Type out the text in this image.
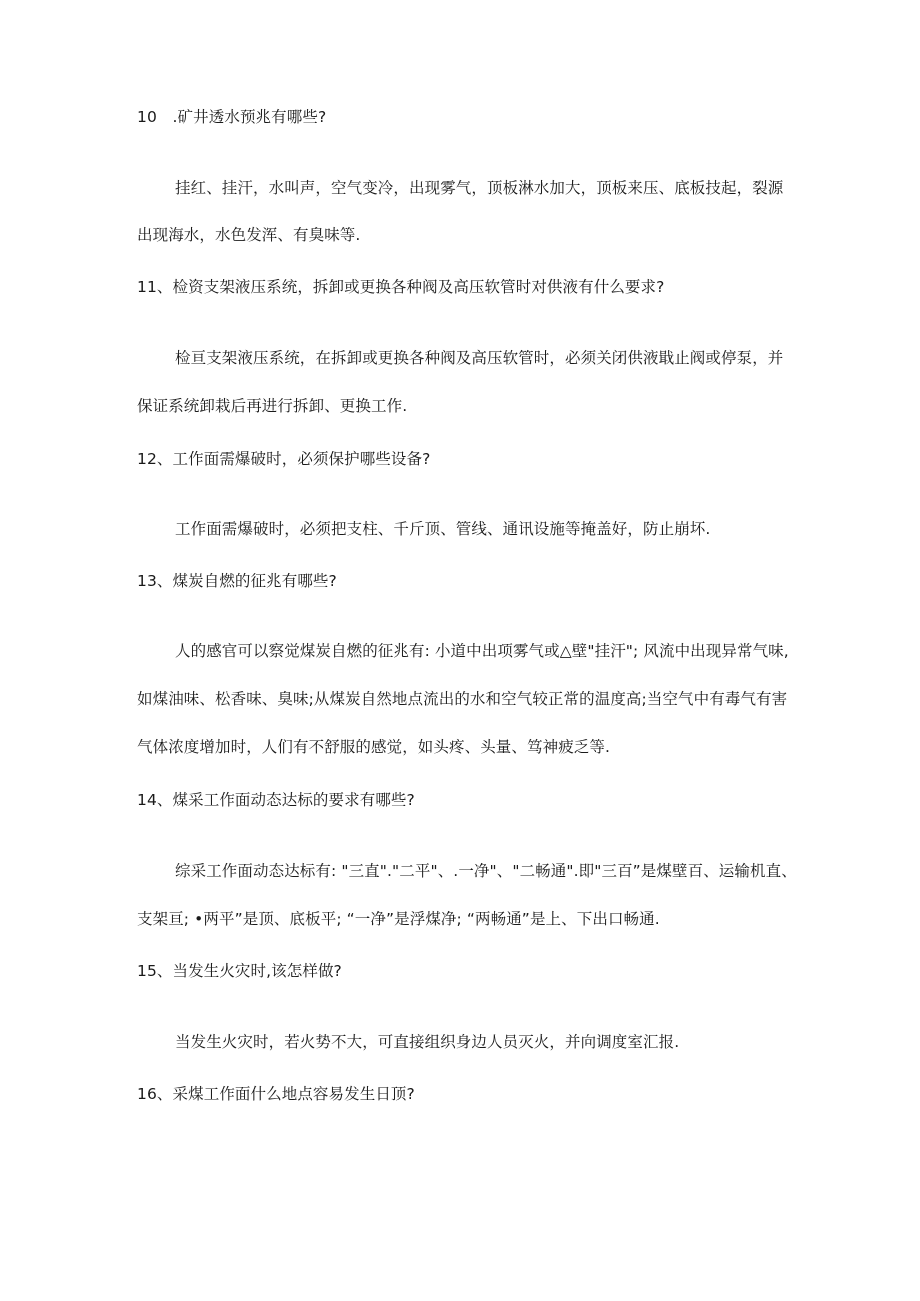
10　.矿井透水预兆有哪些?
挂红、挂汗，水叫声，空气变冷，出现雾气，顶板淋水加大，顶板来压、底板技起，裂源
出现海水，水色发浑、有臭味等.
11、检资支架液压系统，拆卸或更换各种阀及高压软管时对供液有什么要求?
检亘支架液压系统，在拆卸或更换各种阀及高压软管时，必须关闭供液戢止阀或停泵，并
保证系统卸栽后再进行拆卸、更换工作.
12、工作面需爆破时，必须保护哪些设备?
工作面需爆破时，必须把支柱、千斤顶、管线、通讯设施等掩盖好，防止崩坏.
13、煤炭自燃的征兆有哪些?
人的感官可以察觉煤炭自燃的征兆有: 小道中出项雾气或△壁"挂汗"; 风流中出现异常气味,
如煤油味、松香味、臭味;从煤炭自然地点流出的水和空气较正常的温度高;当空气中有毒气有害
气体浓度增加时，人们有不舒服的感觉，如头疼、头量、笃神疲乏等.
14、煤采工作面动态达标的要求有哪些?
综采工作面动态达标有: "三直"."二平"、.一净"、"二畅通".即"三百”是煤壁百、运输机直、
支架亘; •两平”是顶、底板平; “一净”是浮煤净; “两畅通”是上、下出口畅通.
15、当发生火灾时,该怎样做?
当发生火灾时，若火势不大，可直接组织身边人员灭火，并向调度室汇报.
16、采煤工作面什么地点容易发生日顶?
